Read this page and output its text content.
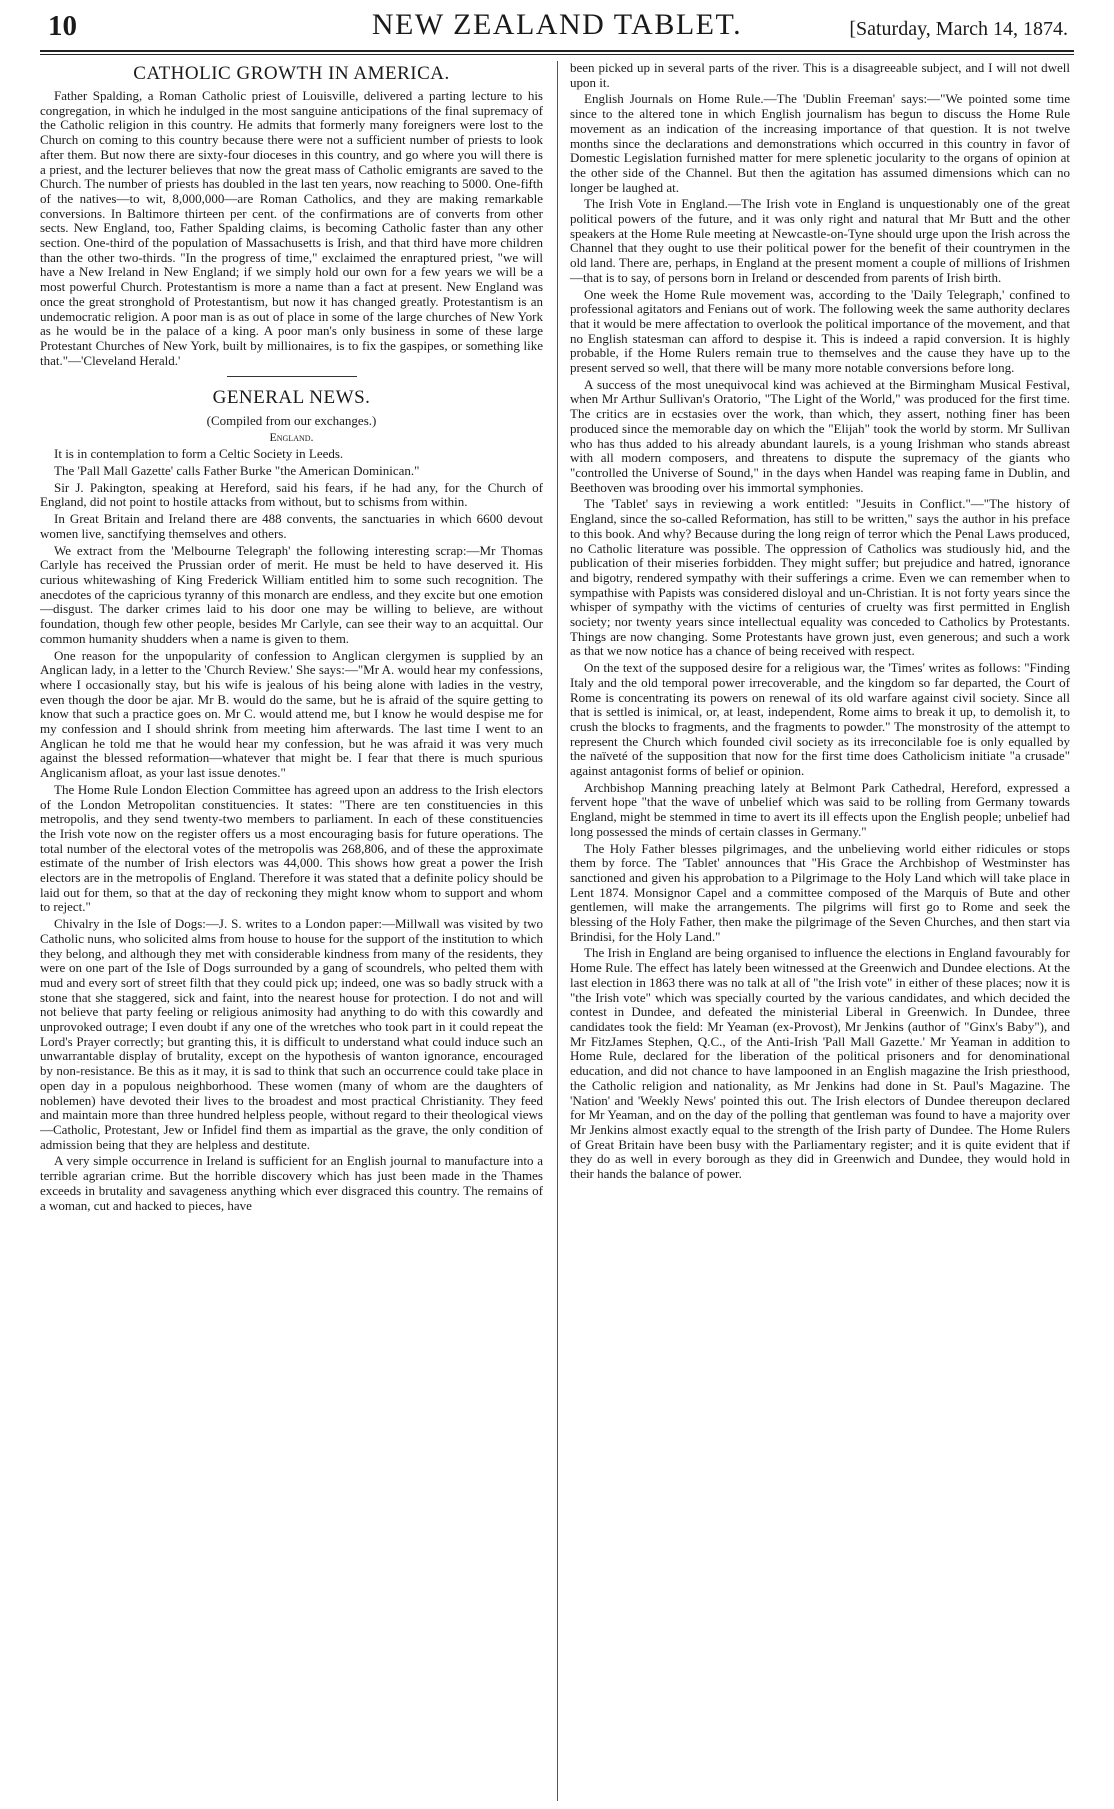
10	NEW ZEALAND TABLET.	[Saturday, March 14, 1874.
CATHOLIC GROWTH IN AMERICA.

Father Spalding, a Roman Catholic priest of Louisville, delivered a parting lecture to his congregation, in which he indulged in the most sanguine anticipations of the final supremacy of the Catholic religion in this country. He admits that formerly many foreigners were lost to the Church on coming to this country because there were not a sufficient number of priests to look after them. But now there are sixty-four dioceses in this country, and go where you will there is a priest, and the lecturer believes that now the great mass of Catholic emigrants are saved to the Church. The number of priests has doubled in the last ten years, now reaching to 5000. One-fifth of the natives—to wit, 8,000,000—are Roman Catholics, and they are making remarkable conversions. In Baltimore thirteen per cent. of the confirmations are of converts from other sects. New England, too, Father Spalding claims, is becoming Catholic faster than any other section. One-third of the population of Massachusetts is Irish, and that third have more children than the other two-thirds. "In the progress of time," exclaimed the enraptured priest, "we will have a New Ireland in New England; if we simply hold our own for a few years we will be a most powerful Church. Protestantism is more a name than a fact at present. New England was once the great stronghold of Protestantism, but now it has changed greatly. Protestantism is an undemocratic religion. A poor man is as out of place in some of the large churches of New York as he would be in the palace of a king. A poor man's only business in some of these large Protestant Churches of New York, built by millionaires, is to fix the gaspipes, or something like that."—'Cleveland Herald.'

GENERAL NEWS.
(Compiled from our exchanges.)
England.

It is in contemplation to form a Celtic Society in Leeds.

The 'Pall Mall Gazette' calls Father Burke "the American Dominican."

Sir J. Pakington, speaking at Hereford, said his fears, if he had any, for the Church of England, did not point to hostile attacks from without, but to schisms from within.

In Great Britain and Ireland there are 488 convents, the sanctuaries in which 6600 devout women live, sanctifying themselves and others.

We extract from the 'Melbourne Telegraph' the following interesting scrap:—Mr Thomas Carlyle has received the Prussian order of merit. He must be held to have deserved it. His curious whitewashing of King Frederick William entitled him to some such recognition. The anecdotes of the capricious tyranny of this monarch are endless, and they excite but one emotion—disgust. The darker crimes laid to his door one may be willing to believe, are without foundation, though few other people, besides Mr Carlyle, can see their way to an acquittal. Our common humanity shudders when a name is given to them.

One reason for the unpopularity of confession to Anglican clergymen is supplied by an Anglican lady, in a letter to the 'Church Review.' She says:—"Mr A. would hear my confessions, where I occasionally stay, but his wife is jealous of his being alone with ladies in the vestry, even though the door be ajar. Mr B. would do the same, but he is afraid of the squire getting to know that such a practice goes on. Mr C. would attend me, but I know he would despise me for my confession and I should shrink from meeting him afterwards. The last time I went to an Anglican he told me that he would hear my confession, but he was afraid it was very much against the blessed reformation—whatever that might be. I fear that there is much spurious Anglicanism afloat, as your last issue denotes."

The Home Rule London Election Committee has agreed upon an address to the Irish electors of the London Metropolitan constituencies. It states: "There are ten constituencies in this metropolis, and they send twenty-two members to parliament. In each of these constituencies the Irish vote now on the register offers us a most encouraging basis for future operations. The total number of the electoral votes of the metropolis was 268,806, and of these the approximate estimate of the number of Irish electors was 44,000. This shows how great a power the Irish electors are in the metropolis of England. Therefore it was stated that a definite policy should be laid out for them, so that at the day of reckoning they might know whom to support and whom to reject."

Chivalry in the Isle of Dogs:—J. S. writes to a London paper:—Millwall was visited by two Catholic nuns, who solicited alms from house to house for the support of the institution to which they belong, and although they met with considerable kindness from many of the residents, they were on one part of the Isle of Dogs surrounded by a gang of scoundrels, who pelted them with mud and every sort of street filth that they could pick up; indeed, one was so badly struck with a stone that she staggered, sick and faint, into the nearest house for protection. I do not and will not believe that party feeling or religious animosity had anything to do with this cowardly and unprovoked outrage; I even doubt if any one of the wretches who took part in it could repeat the Lord's Prayer correctly; but granting this, it is difficult to understand what could induce such an unwarrantable display of brutality, except on the hypothesis of wanton ignorance, encouraged by non-resistance. Be this as it may, it is sad to think that such an occurrence could take place in open day in a populous neighborhood. These women (many of whom are the daughters of noblemen) have devoted their lives to the broadest and most practical Christianity. They feed and maintain more than three hundred helpless people, without regard to their theological views—Catholic, Protestant, Jew or Infidel find them as impartial as the grave, the only condition of admission being that they are helpless and destitute.

A very simple occurrence in Ireland is sufficient for an English journal to manufacture into a terrible agrarian crime. But the horrible discovery which has just been made in the Thames exceeds in brutality and savageness anything which ever disgraced this country. The remains of a woman, cut and hacked to pieces, have

been picked up in several parts of the river. This is a disagreeable subject, and I will not dwell upon it.

English Journals on Home Rule.—The 'Dublin Freeman' says:—"We pointed some time since to the altered tone in which English journalism has begun to discuss the Home Rule movement as an indication of the increasing importance of that question. It is not twelve months since the declarations and demonstrations which occurred in this country in favor of Domestic Legislation furnished matter for mere splenetic jocularity to the organs of opinion at the other side of the Channel. But then the agitation has assumed dimensions which can no longer be laughed at.

The Irish Vote in England.—The Irish vote in England is unquestionably one of the great political powers of the future, and it was only right and natural that Mr Butt and the other speakers at the Home Rule meeting at Newcastle-on-Tyne should urge upon the Irish across the Channel that they ought to use their political power for the benefit of their countrymen in the old land. There are, perhaps, in England at the present moment a couple of millions of Irishmen—that is to say, of persons born in Ireland or descended from parents of Irish birth.

One week the Home Rule movement was, according to the 'Daily Telegraph,' confined to professional agitators and Fenians out of work. The following week the same authority declares that it would be mere affectation to overlook the political importance of the movement, and that no English statesman can afford to despise it. This is indeed a rapid conversion. It is highly probable, if the Home Rulers remain true to themselves and the cause they have up to the present served so well, that there will be many more notable conversions before long.

A success of the most unequivocal kind was achieved at the Birmingham Musical Festival, when Mr Arthur Sullivan's Oratorio, "The Light of the World," was produced for the first time. The critics are in ecstasies over the work, than which, they assert, nothing finer has been produced since the memorable day on which the "Elijah" took the world by storm. Mr Sullivan who has thus added to his already abundant laurels, is a young Irishman who stands abreast with all modern composers, and threatens to dispute the supremacy of the giants who "controlled the Universe of Sound," in the days when Handel was reaping fame in Dublin, and Beethoven was brooding over his immortal symphonies.

The 'Tablet' says in reviewing a work entitled: "Jesuits in Conflict."—"The history of England, since the so-called Reformation, has still to be written," says the author in his preface to this book. And why? Because during the long reign of terror which the Penal Laws produced, no Catholic literature was possible. The oppression of Catholics was studiously hid, and the publication of their miseries forbidden. They might suffer; but prejudice and hatred, ignorance and bigotry, rendered sympathy with their sufferings a crime. Even we can remember when to sympathise with Papists was considered disloyal and un-Christian. It is not forty years since the whisper of sympathy with the victims of centuries of cruelty was first permitted in English society; nor twenty years since intellectual equality was conceded to Catholics by Protestants. Things are now changing. Some Protestants have grown just, even generous; and such a work as that we now notice has a chance of being received with respect.

On the text of the supposed desire for a religious war, the 'Times' writes as follows: "Finding Italy and the old temporal power irrecoverable, and the kingdom so far departed, the Court of Rome is concentrating its powers on renewal of its old warfare against civil society. Since all that is settled is inimical, or, at least, independent, Rome aims to break it up, to demolish it, to crush the blocks to fragments, and the fragments to powder." The monstrosity of the attempt to represent the Church which founded civil society as its irreconcilable foe is only equalled by the naïveté of the supposition that now for the first time does Catholicism initiate "a crusade" against antagonist forms of belief or opinion.

Archbishop Manning preaching lately at Belmont Park Cathedral, Hereford, expressed a fervent hope "that the wave of unbelief which was said to be rolling from Germany towards England, might be stemmed in time to avert its ill effects upon the English people; unbelief had long possessed the minds of certain classes in Germany."

The Holy Father blesses pilgrimages, and the unbelieving world either ridicules or stops them by force. The 'Tablet' announces that "His Grace the Archbishop of Westminster has sanctioned and given his approbation to a Pilgrimage to the Holy Land which will take place in Lent 1874. Monsignor Capel and a committee composed of the Marquis of Bute and other gentlemen, will make the arrangements. The pilgrims will first go to Rome and seek the blessing of the Holy Father, then make the pilgrimage of the Seven Churches, and then start via Brindisi, for the Holy Land."

The Irish in England are being organised to influence the elections in England favourably for Home Rule. The effect has lately been witnessed at the Greenwich and Dundee elections. At the last election in 1863 there was no talk at all of "the Irish vote" in either of these places; now it is "the Irish vote" which was specially courted by the various candidates, and which decided the contest in Dundee, and defeated the ministerial Liberal in Greenwich. In Dundee, three candidates took the field: Mr Yeaman (ex-Provost), Mr Jenkins (author of "Ginx's Baby"), and Mr FitzJames Stephen, Q.C., of the Anti-Irish 'Pall Mall Gazette.' Mr Yeaman in addition to Home Rule, declared for the liberation of the political prisoners and for denominational education, and did not chance to have lampooned in an English magazine the Irish priesthood, the Catholic religion and nationality, as Mr Jenkins had done in St. Paul's Magazine. The 'Nation' and 'Weekly News' pointed this out. The Irish electors of Dundee thereupon declared for Mr Yeaman, and on the day of the polling that gentleman was found to have a majority over Mr Jenkins almost exactly equal to the strength of the Irish party of Dundee. The Home Rulers of Great Britain have been busy with the Parliamentary register; and it is quite evident that if they do as well in every borough as they did in Greenwich and Dundee, they would hold in their hands the balance of power.
